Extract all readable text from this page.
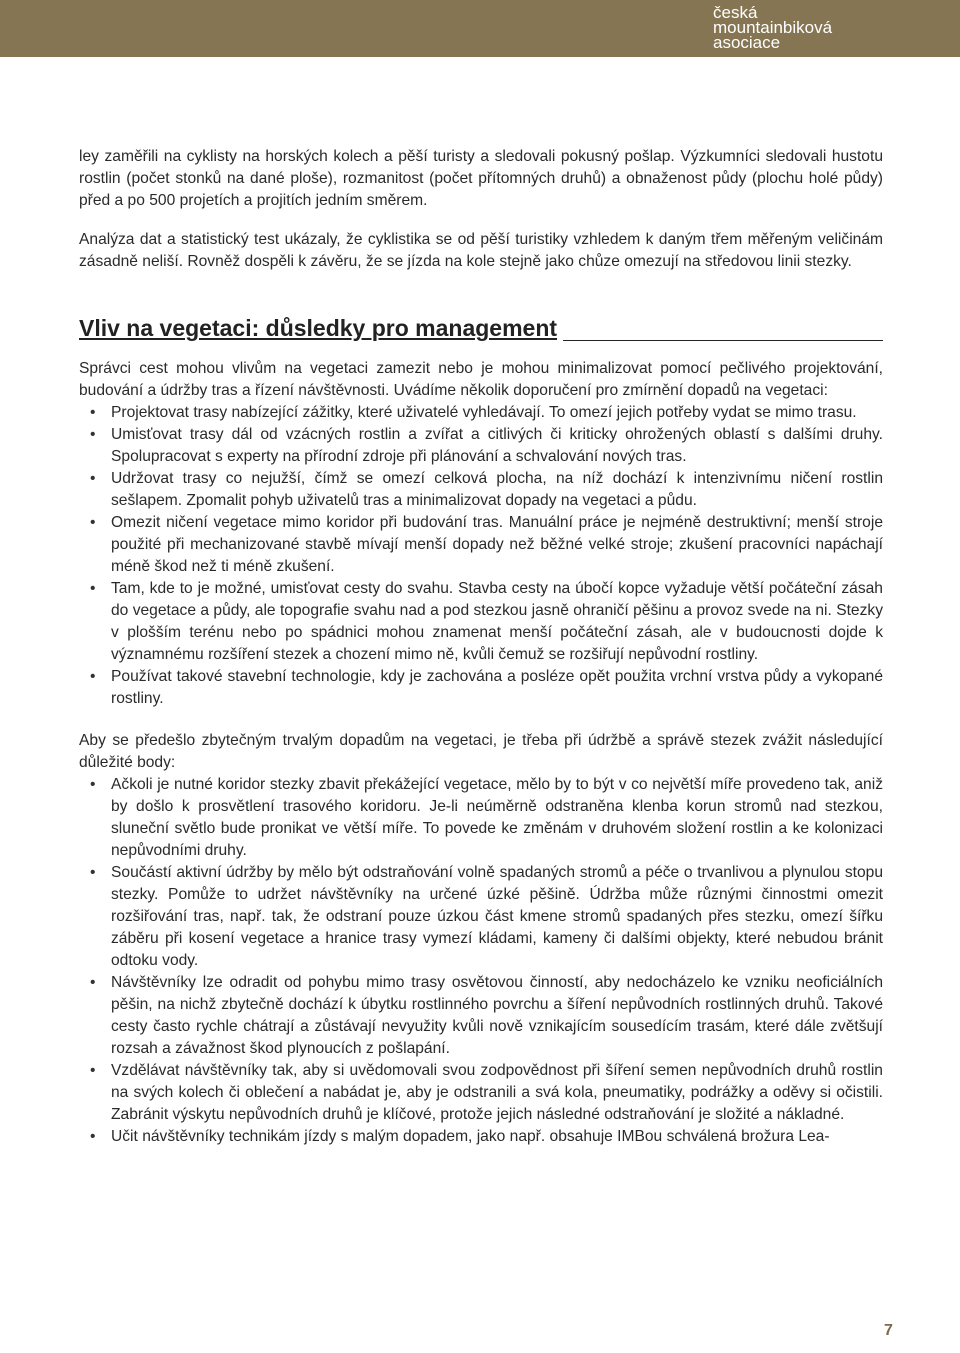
česká
mountainbiková
asociace

ley zaměřili na cyklisty na horských kolech a pěší turisty a sledovali pokusný pošlap. Výzkumníci sledovali hustotu rostlin (počet stonků na dané ploše), rozmanitost (počet přítomných druhů) a obnaženost půdy (plochu holé půdy) před a po 500 projetích a projitích jedním směrem.

Analýza dat a statistický test ukázaly, že cyklistika se od pěší turistiky vzhledem k daným třem měřeným veličinám zásadně neliší. Rovněž dospěli k závěru, že se jízda na kole stejně jako chůze omezují na středovou linii stezky.

Vliv na vegetaci: důsledky pro management

Správci cest mohou vlivům na vegetaci zamezit nebo je mohou minimalizovat pomocí pečlivého projektování, budování a údržby tras a řízení návštěvnosti. Uvádíme několik doporučení pro zmírnění dopadů na vegetaci:

• Projektovat trasy nabízející zážitky, které uživatelé vyhledávají. To omezí jejich potřeby vydat se mimo trasu.
• Umisťovat trasy dál od vzácných rostlin a zvířat a citlivých či kriticky ohrožených oblastí s dalšími druhy. Spolupracovat s experty na přírodní zdroje při plánování a schvalování nových tras.
• Udržovat trasy co nejužší, čímž se omezí celková plocha, na níž dochází k intenzivnímu ničení rostlin sešlapem. Zpomalit pohyb uživatelů tras a minimalizovat dopady na vegetaci a půdu.
• Omezit ničení vegetace mimo koridor při budování tras. Manuální práce je nejméně destruktivní; menší stroje použité při mechanizované stavbě mívají menší dopady než běžné velké stroje; zkušení pracovníci napáchají méně škod než ti méně zkušení.
• Tam, kde to je možné, umisťovat cesty do svahu. Stavba cesty na úbočí kopce vyžaduje větší počáteční zásah do vegetace a půdy, ale topografie svahu nad a pod stezkou jasně ohraničí pěšinu a provoz svede na ni. Stezky v plošším terénu nebo po spádnici mohou znamenat menší počáteční zásah, ale v budoucnosti dojde k významnému rozšíření stezek a chození mimo ně, kvůli čemuž se rozšiřují nepůvodní rostliny.
• Používat takové stavební technologie, kdy je zachována a posléze opět použita vrchní vrstva půdy a vykopané rostliny.

Aby se předešlo zbytečným trvalým dopadům na vegetaci, je třeba při údržbě a správě stezek zvážit následující důležité body:

• Ačkoli je nutné koridor stezky zbavit překážející vegetace, mělo by to být v co největší míře provedeno tak, aniž by došlo k prosvětlení trasového koridoru. Je-li neúměrně odstraněna klenba korun stromů nad stezkou, sluneční světlo bude pronikat ve větší míře. To povede ke změnám v druhovém složení rostlin a ke kolonizaci nepůvodními druhy.
• Součástí aktivní údržby by mělo být odstraňování volně spadaných stromů a péče o trvanlivou a plynulou stopu stezky. Pomůže to udržet návštěvníky na určené úzké pěšině. Údržba může různými činnostmi omezit rozšiřování tras, např. tak, že odstraní pouze úzkou část kmene stromů spadaných přes stezku, omezí šířku záběru při kosení vegetace a hranice trasy vymezí kládami, kameny či dalšími objekty, které nebudou bránit odtoku vody.
• Návštěvníky lze odradit od pohybu mimo trasy osvětovou činností, aby nedocházelo ke vzniku neoficiálních pěšin, na nichž zbytečně dochází k úbytku rostlinného povrchu a šíření nepůvodních rostlinných druhů. Takové cesty často rychle chátrají a zůstávají nevyužity kvůli nově vznikajícím sousedícím trasám, které dále zvětšují rozsah a závažnost škod plynoucích z pošlapání.
• Vzdělávat návštěvníky tak, aby si uvědomovali svou zodpovědnost při šíření semen nepůvodních druhů rostlin na svých kolech či oblečení a nabádat je, aby je odstranili a svá kola, pneumatiky, podrážky a oděvy si očistili. Zabránit výskytu nepůvodních druhů je klíčové, protože jejich následné odstraňování je složité a nákladné.
• Učit návštěvníky technikám jízdy s malým dopadem, jako např. obsahuje IMBou schválená brožura Lea-
7
